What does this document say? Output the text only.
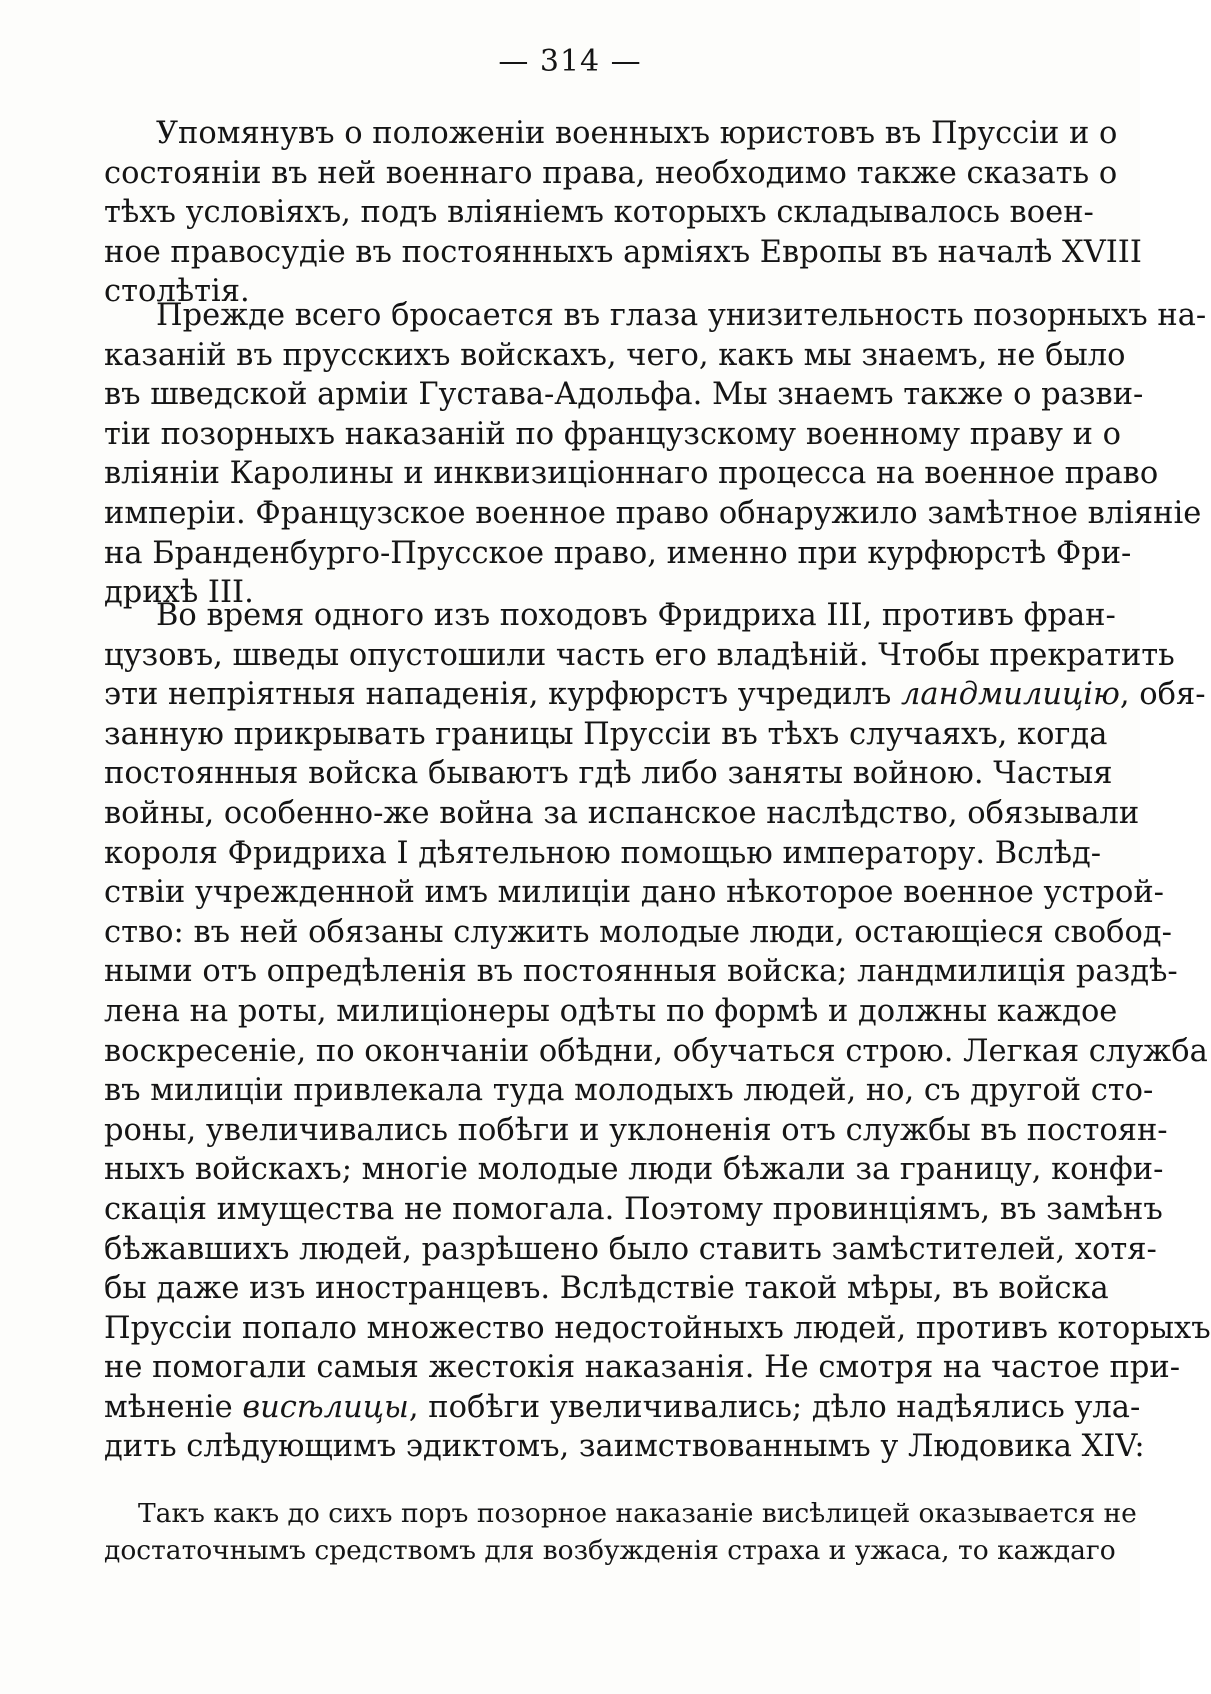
— 314 —

Упомянувъ о положеніи военныхъ юристовъ въ Пруссіи и о
состояніи въ ней военнаго права, необходимо также сказать о
тѣхъ условіяхъ, подъ вліяніемъ которыхъ складывалось воен-
ное правосудіе въ постоянныхъ арміяхъ Европы въ началѣ XVIII
столѣтія.

Прежде всего бросается въ глаза унизительность позорныхъ на-
казаній въ прусскихъ войскахъ, чего, какъ мы знаемъ, не было
въ шведской арміи Густава-Адольфа. Мы знаемъ также о разви-
тіи позорныхъ наказаній по французскому военному праву и о
вліяніи Каролины и инквизиціоннаго процесса на военное право
имперіи. Французское военное право обнаружило замѣтное вліяніе
на Бранденбурго-Прусское право, именно при курфюрстѣ Фри-
дрихѣ III.

Во время одного изъ походовъ Фридриха III, противъ фран-
цузовъ, шведы опустошили часть его владѣній. Чтобы прекратить
эти непріятныя нападенія, курфюрстъ учредилъ ландмилицію, обя-
занную прикрывать границы Пруссіи въ тѣхъ случаяхъ, когда
постоянныя войска бываютъ гдѣ либо заняты войною. Частыя
войны, особенно-же война за испанское наслѣдство, обязывали
короля Фридриха I дѣятельною помощью императору. Вслѣд-
ствіи учрежденной имъ милиціи дано нѣкоторое военное устрой-
ство: въ ней обязаны служить молодые люди, остающіеся свобод-
ными отъ опредѣленія въ постоянныя войска; ландмилиція раздѣ-
лена на роты, милиціонеры одѣты по формѣ и должны каждое
воскресеніе, по окончаніи обѣдни, обучаться строю. Легкая служба
въ милиціи привлекала туда молодыхъ людей, но, съ другой сто-
роны, увеличивались побѣги и уклоненія отъ службы въ постоян-
ныхъ войскахъ; многіе молодые люди бѣжали за границу, конфи-
скація имущества не помогала. Поэтому провинціямъ, въ замѣнъ
бѣжавшихъ людей, разрѣшено было ставить замѣстителей, хотя-
бы даже изъ иностранцевъ. Вслѣдствіе такой мѣры, въ войска
Пруссіи попало множество недостойныхъ людей, противъ которыхъ
не помогали самыя жестокія наказанія. Не смотря на частое при-
мѣненіе висѣлицы, побѣги увеличивались; дѣло надѣялись ула-
дить слѣдующимъ эдиктомъ, заимствованнымъ у Людовика XIV:

Такъ какъ до сихъ поръ позорное наказаніе висѣлицей оказывается не
достаточнымъ средствомъ для возбужденія страха и ужаса, то каждаго
